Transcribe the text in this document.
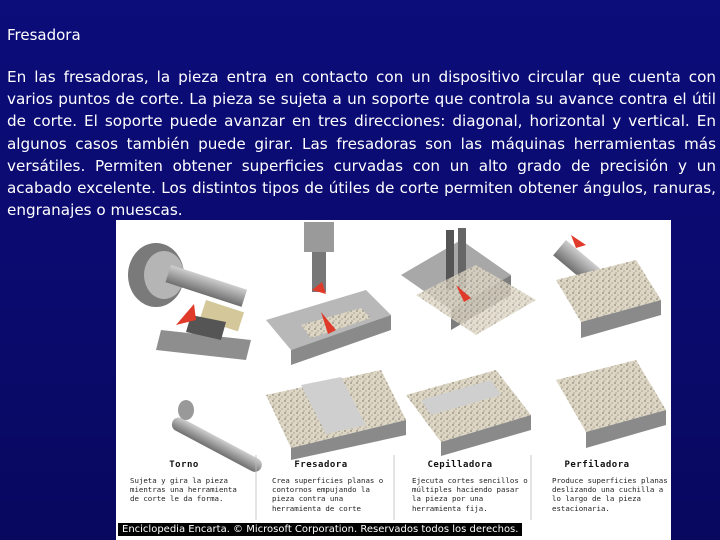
Fresadora
En las fresadoras, la pieza entra en contacto con un dispositivo circular que cuenta con varios puntos de corte. La pieza se sujeta a un soporte que controla su avance contra el útil de corte. El soporte puede avanzar en tres direcciones: diagonal, horizontal y vertical. En algunos casos también puede girar. Las fresadoras son las máquinas herramientas más versátiles. Permiten obtener superficies curvadas con un alto grado de precisión y un acabado excelente. Los distintos tipos de útiles de corte permiten obtener ángulos, ranuras, engranajes o muescas.
Torno	Fresadora	Cepilladora	Perfiladora
Sujeta y gira la pieza mientras una herramienta de corte le da forma.
Crea superficies planas o contornos empujando la pieza contra una herramienta de corte
Ejecuta cortes sencillos o múltiples haciendo pasar la pieza por una herramienta fija.
Produce superficies planas deslizando una cuchilla a lo largo de la pieza estacionaria.
Enciclopedia Encarta. © Microsoft Corporation. Reservados todos los derechos.
